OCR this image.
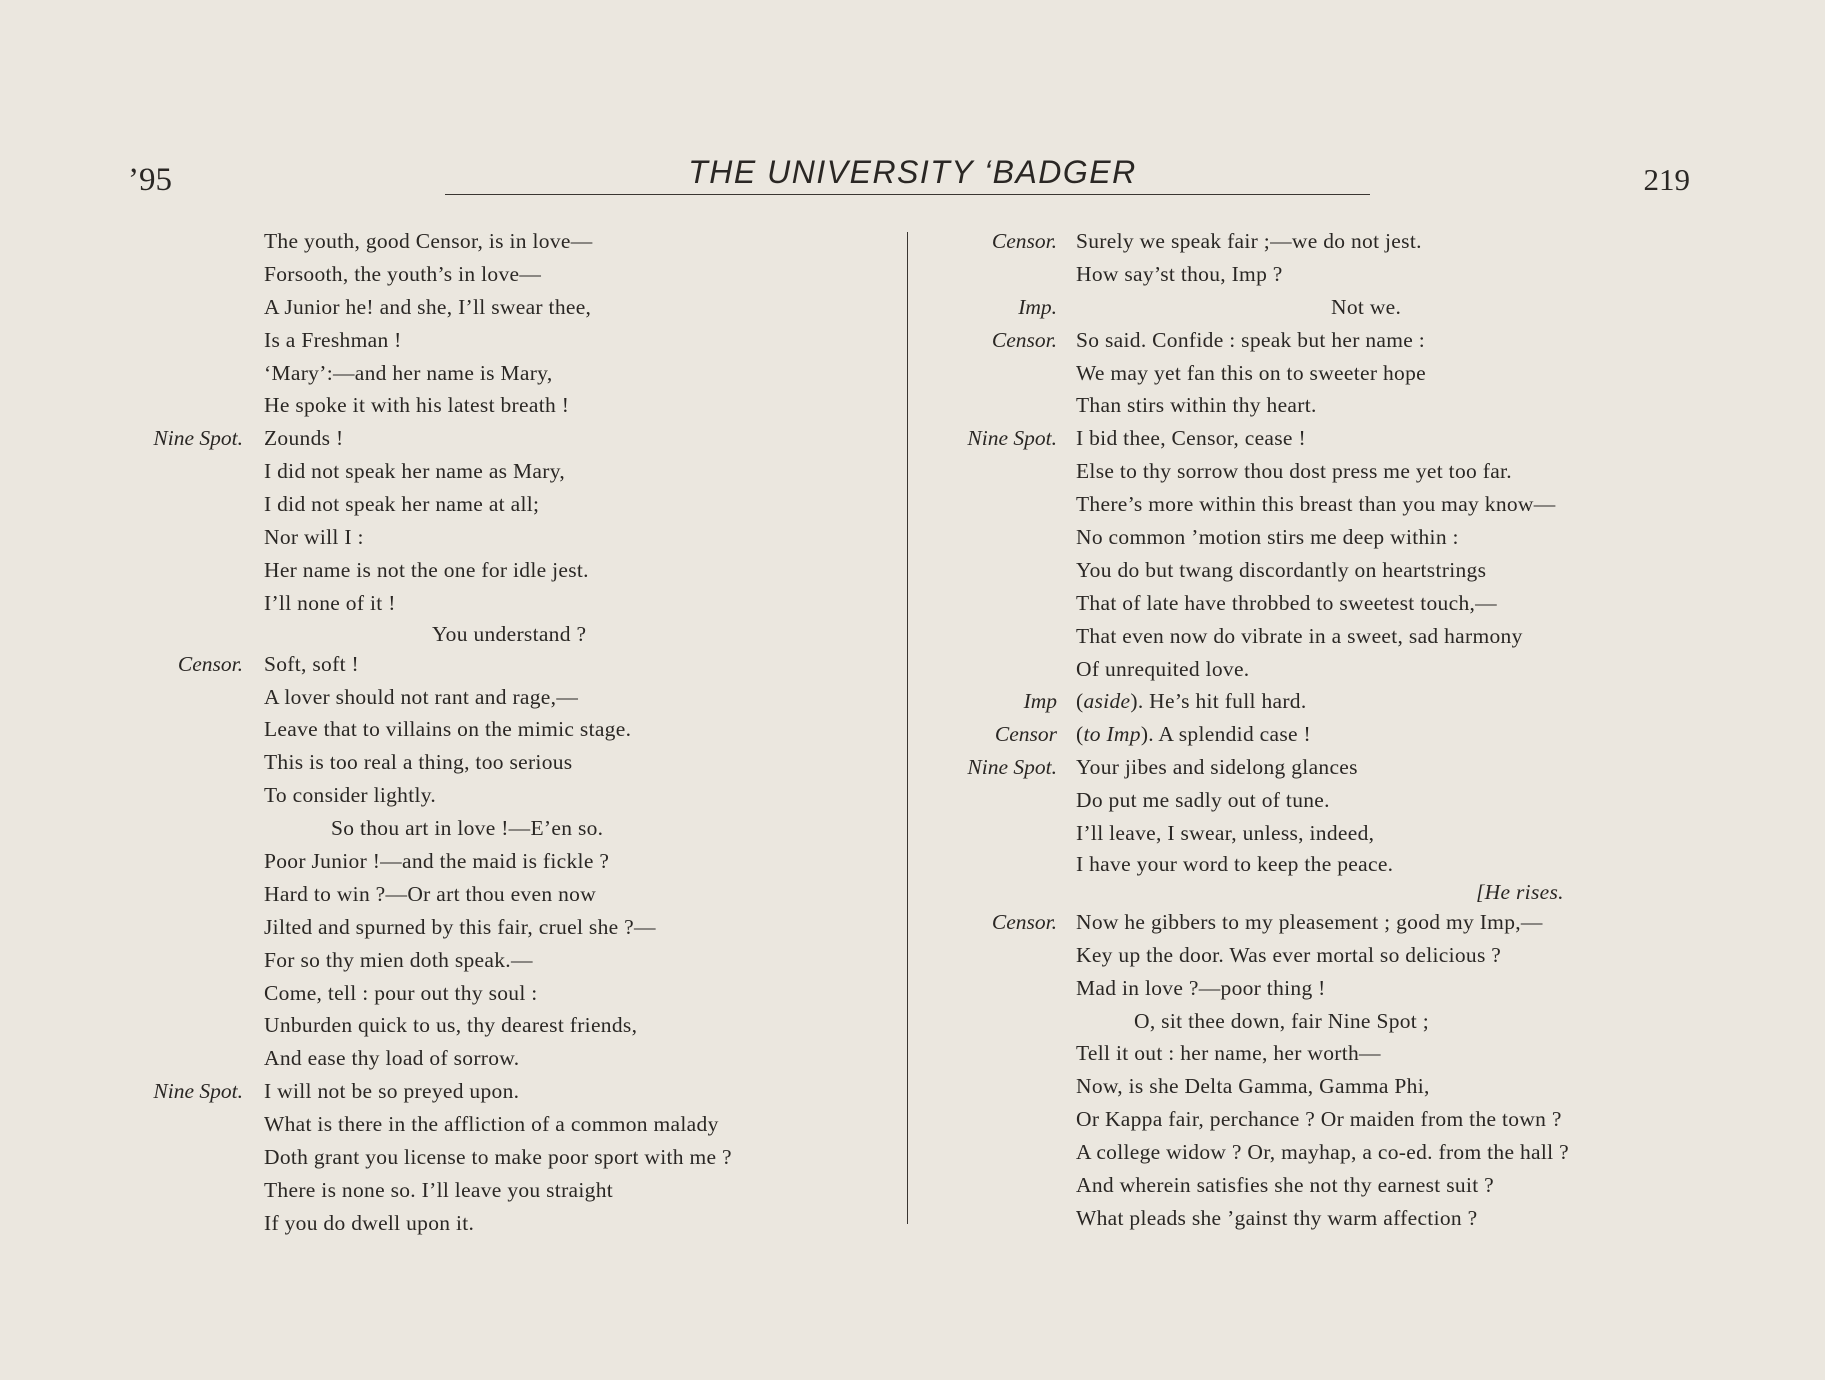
’95	THE UNIVERSITY ‘BADGER	219
The youth, good Censor, is in love—
Forsooth, the youth’s in love—
A Junior he! and she, I’ll swear thee,
Is a Freshman !
‘Mary’:—and her name is Mary,
He spoke it with his latest breath !
Nine Spot. Zounds !
I did not speak her name as Mary,
I did not speak her name at all;
Nor will I :
Her name is not the one for idle jest.
I’ll none of it !
You understand ?
Censor. Soft, soft !
A lover should not rant and rage,—
Leave that to villains on the mimic stage.
This is too real a thing, too serious
To consider lightly.
So thou art in love !—E’en so.
Poor Junior !—and the maid is fickle ?
Hard to win ?—Or art thou even now
Jilted and spurned by this fair, cruel she ?—
For so thy mien doth speak.—
Come, tell : pour out thy soul :
Unburden quick to us, thy dearest friends,
And ease thy load of sorrow.
Nine Spot. I will not be so preyed upon.
What is there in the affliction of a common malady
Doth grant you license to make poor sport with me ?
There is none so. I’ll leave you straight
If you do dwell upon it.
Censor. Surely we speak fair ;—we do not jest.
How say’st thou, Imp ?
Imp.	Not we.
Censor. So said. Confide : speak but her name :
We may yet fan this on to sweeter hope
Than stirs within thy heart.
Nine Spot. I bid thee, Censor, cease !
Else to thy sorrow thou dost press me yet too far.
There’s more within this breast than you may know—
No common ’motion stirs me deep within :
You do but twang discordantly on heartstrings
That of late have throbbed to sweetest touch,—
That even now do vibrate in a sweet, sad harmony
Of unrequited love.
Imp (aside). He’s hit full hard.
Censor (to Imp). A splendid case !
Nine Spot. Your jibes and sidelong glances
Do put me sadly out of tune.
I’ll leave, I swear, unless, indeed,
I have your word to keep the peace.
[He rises.
Censor. Now he gibbers to my pleasement ; good my Imp,—
Key up the door. Was ever mortal so delicious ?
Mad in love ?—poor thing !
O, sit thee down, fair Nine Spot ;
Tell it out : her name, her worth—
Now, is she Delta Gamma, Gamma Phi,
Or Kappa fair, perchance ? Or maiden from the town ?
A college widow ? Or, mayhap, a co-ed. from the hall ?
And wherein satisfies she not thy earnest suit ?
What pleads she ’gainst thy warm affection ?
